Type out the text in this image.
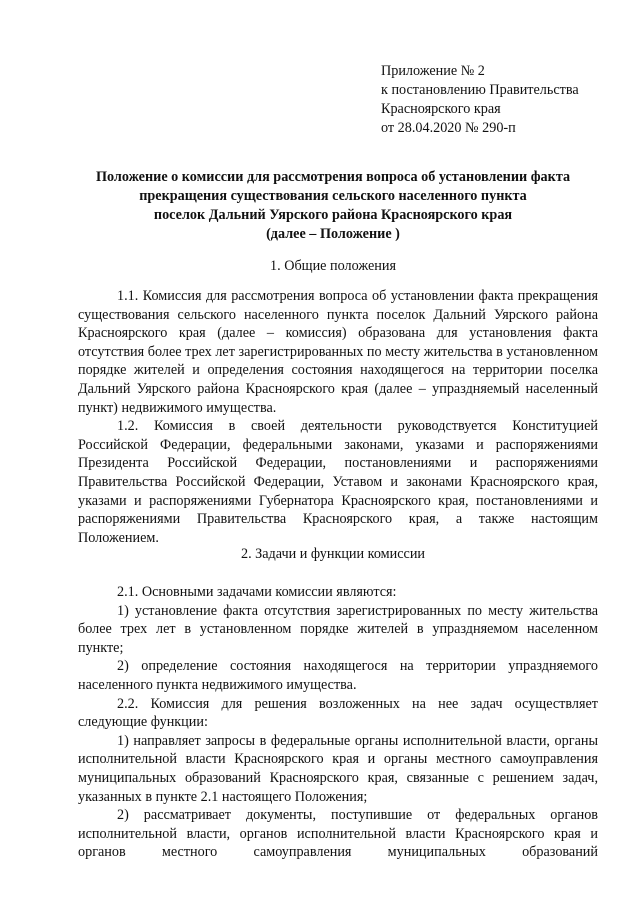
Приложение № 2
к постановлению Правительства
Красноярского края
от 28.04.2020 № 290-п
Положение о комиссии для рассмотрения вопроса об установлении факта
прекращения существования сельского населенного пункта
поселок Дальний Уярского района Красноярского края
(далее – Положение )
1. Общие положения

1.1. Комиссия для рассмотрения вопроса об установлении факта прекращения существования сельского населенного пункта поселок Дальний Уярского района Красноярского края (далее – комиссия) образована для установления факта отсутствия более трех лет зарегистрированных по месту жительства в установленном порядке жителей и определения состояния находящегося на территории поселка Дальний Уярского района Красноярского края (далее – упраздняемый населенный пункт) недвижимого имущества.

1.2. Комиссия в своей деятельности руководствуется Конституцией Российской Федерации, федеральными законами, указами и распоряжениями Президента Российской Федерации, постановлениями и распоряжениями Правительства Российской Федерации, Уставом и законами Красноярского края, указами и распоряжениями Губернатора Красноярского края, постановлениями и распоряжениями Правительства Красноярского края, а также настоящим Положением.

2. Задачи и функции комиссии

2.1. Основными задачами комиссии являются:

1) установление факта отсутствия зарегистрированных по месту жительства более трех лет в установленном порядке жителей в упраздняемом населенном пункте;

2) определение состояния находящегося на территории упраздняемого населенного пункта недвижимого имущества.

2.2. Комиссия для решения возложенных на нее задач осуществляет следующие функции:

1) направляет запросы в федеральные органы исполнительной власти, органы исполнительной власти Красноярского края и органы местного самоуправления муниципальных образований Красноярского края, связанные с решением задач, указанных в пункте 2.1 настоящего Положения;

2) рассматривает документы, поступившие от федеральных органов исполнительной власти, органов исполнительной власти Красноярского края и органов местного самоуправления муниципальных образований
